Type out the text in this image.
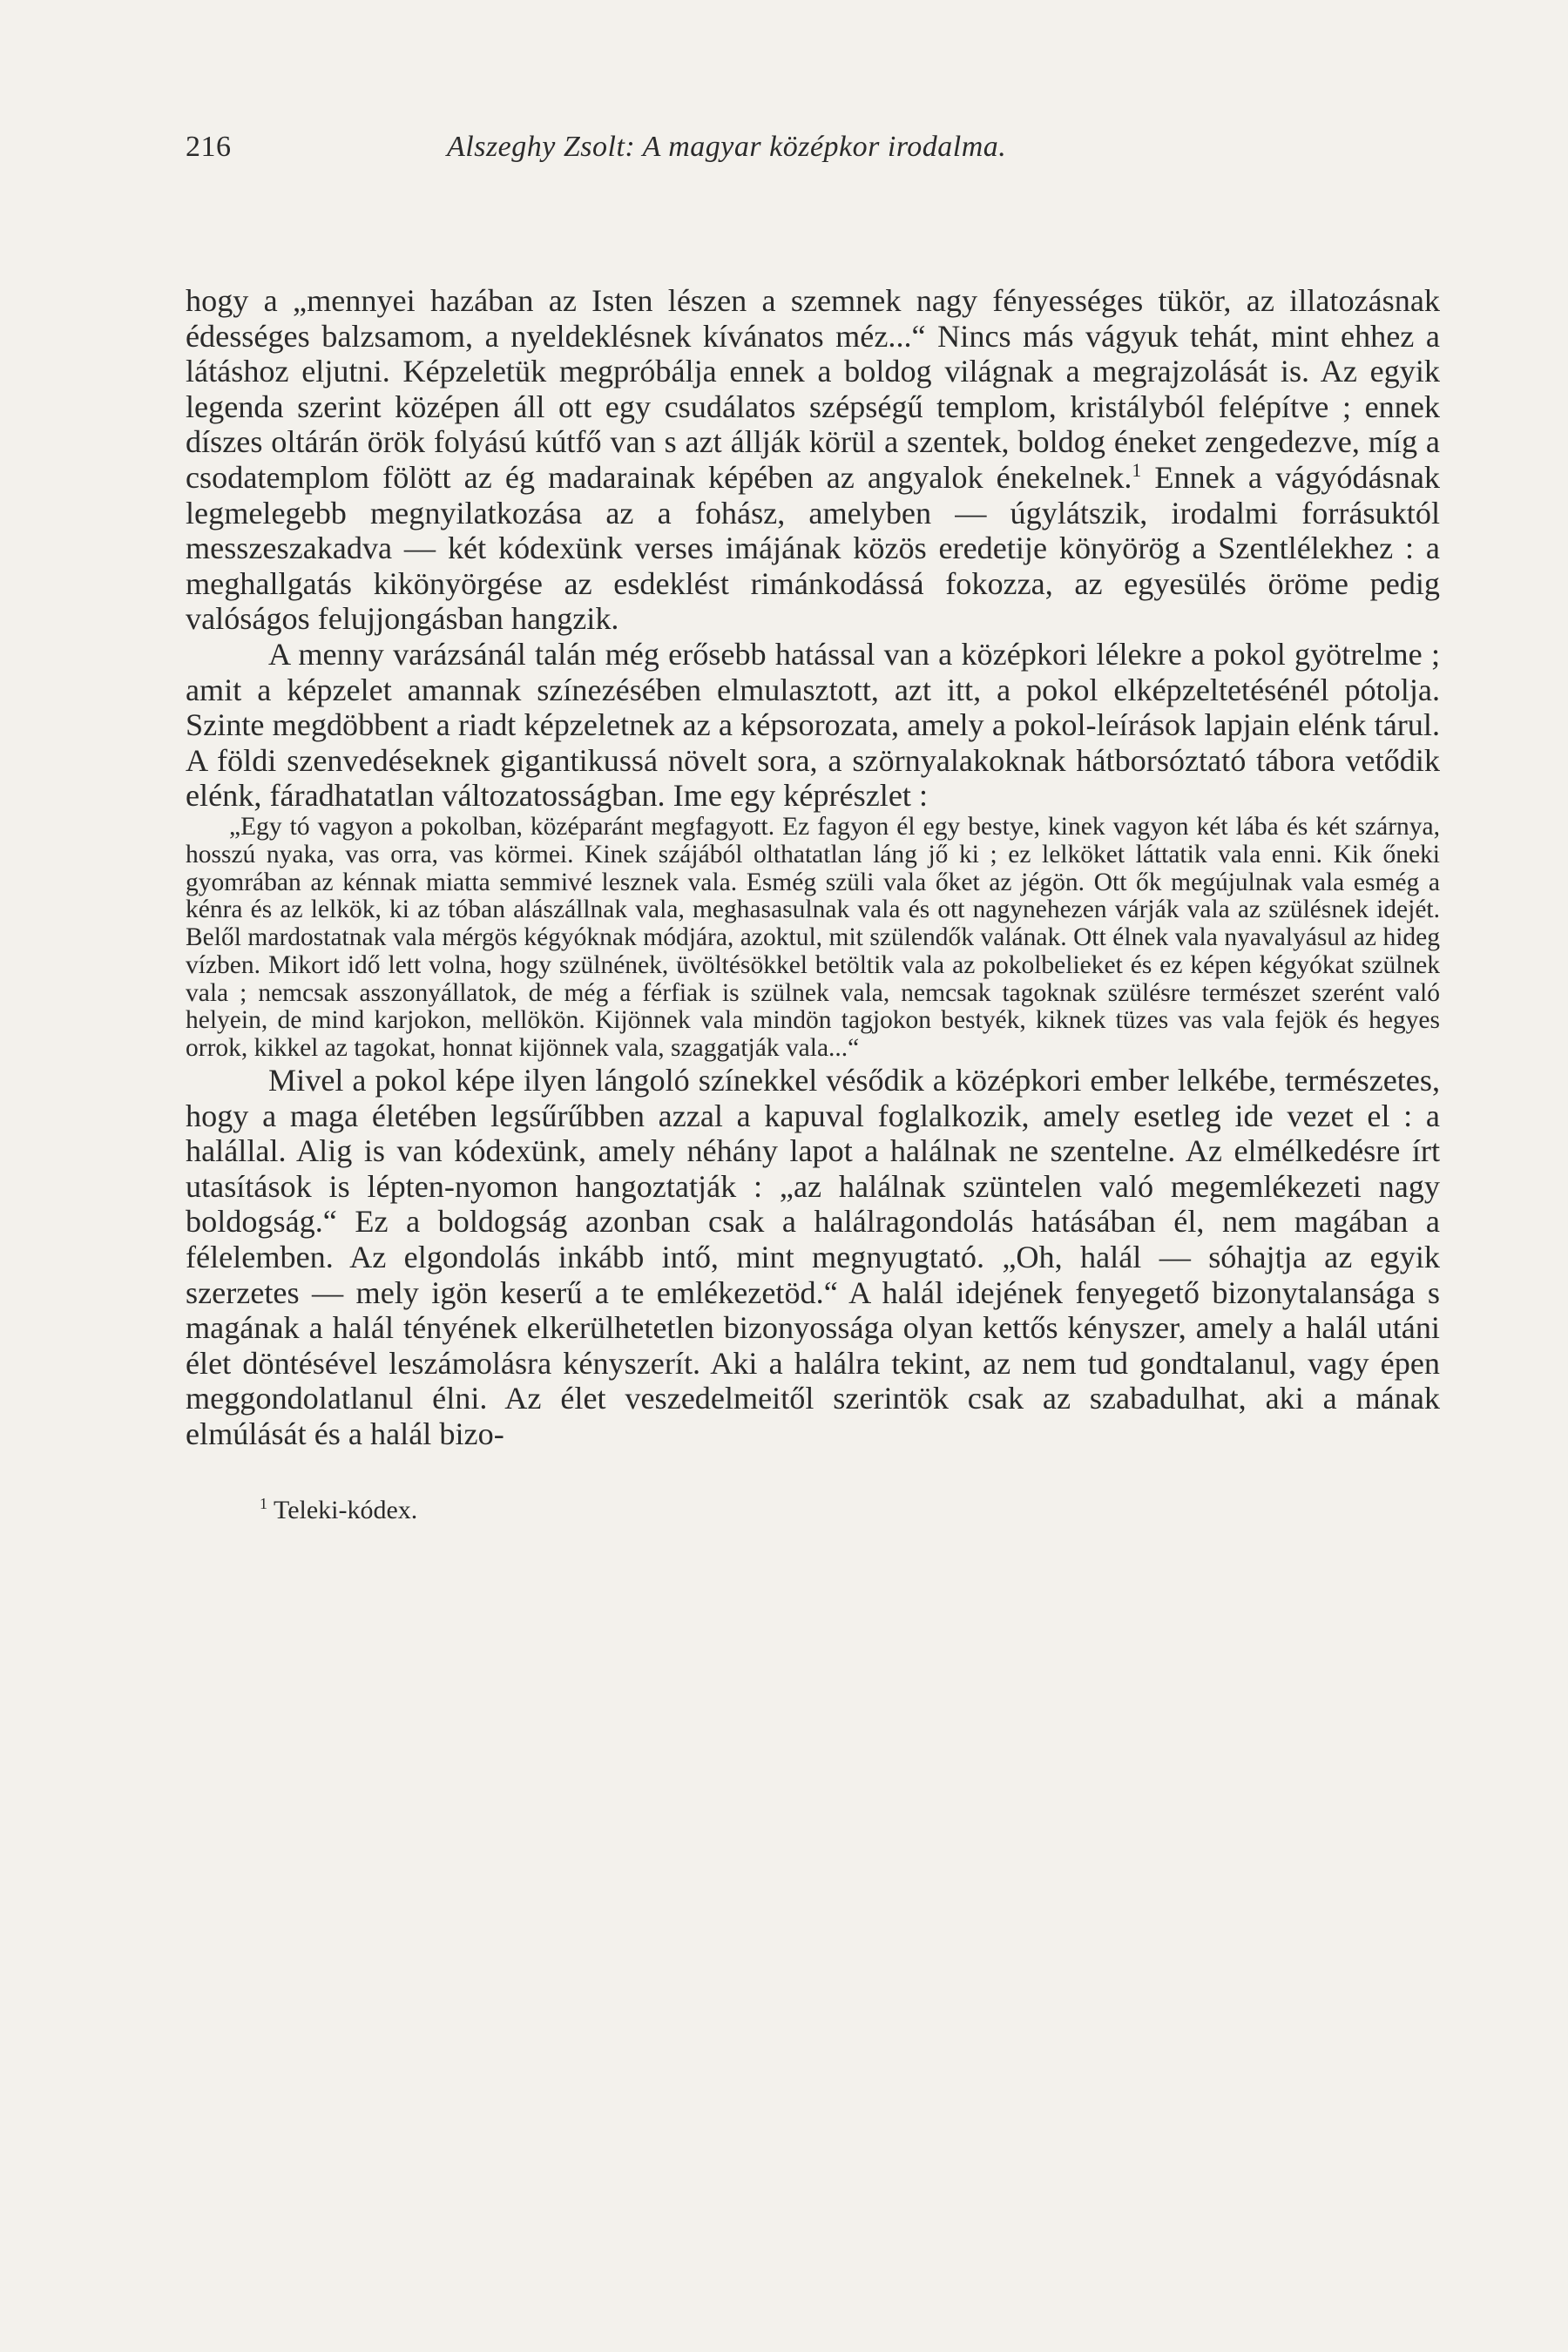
216	Alszeghy Zsolt: A magyar középkor irodalma.

hogy a „mennyei hazában az Isten lészen a szemnek nagy fényességes tükör, az illatozásnak édességes balzsamom, a nyeldeklésnek kívánatos méz...“ Nincs más vágyuk tehát, mint ehhez a látáshoz eljutni. Képzeletük megpróbálja ennek a boldog világnak a megrajzolását is. Az egyik legenda szerint középen áll ott egy csudálatos szépségű templom, kristályból felépítve ; ennek díszes oltárán örök folyású kútfő van s azt állják körül a szentek, boldog éneket zengedezve, míg a csodatemplom fölött az ég madarainak képében az angyalok énekelnek.$^1$ Ennek a vágyódásnak legmelegebb megnyilatkozása az a fohász, amelyben — úgylátszik, irodalmi forrásuktól messzeszakadva — két kódexünk verses imájának közös eredetije könyörög a Szentlélekhez : a meghallgatás kikönyörgése az esdeklést rimánkodássá fokozza, az egyesülés öröme pedig valóságos felujjongásban hangzik.

A menny varázsánál talán még erősebb hatással van a középkori lélekre a pokol gyötrelme ; amit a képzelet amannak színezésében elmulasztott, azt itt, a pokol elképzeltetésénél pótolja. Szinte megdöbbent a riadt képzeletnek az a képsorozata, amely a pokol-leírások lapjain elénk tárul. A földi szenvedéseknek gigantikussá növelt sora, a szörnyalakoknak hátborsóztató tábora vetődik elénk, fáradhatatlan változatosságban. Ime egy képrészlet :

„Egy tó vagyon a pokolban, középaránt megfagyott. Ez fagyon él egy bestye, kinek vagyon két lába és két szárnya, hosszú nyaka, vas orra, vas körmei. Kinek szájából olthatatlan láng jő ki ; ez lelköket láttatik vala enni. Kik őneki gyomrában az kénnak miatta semmivé lesznek vala. Esmég szüli vala őket az jégön. Ott ők megújulnak vala esmég a kénra és az lelkök, ki az tóban alászállnak vala, meghasasulnak vala és ott nagynehezen várják vala az szülésnek idejét. Belől mardostatnak vala mérgös kégyóknak módjára, azoktul, mit szülendők valának. Ott élnek vala nyavalyásul az hideg vízben. Mikort idő lett volna, hogy szülnének, üvöltésökkel betöltik vala az pokolbelieket és ez képen kégyókat szülnek vala ; nemcsak asszonyállatok, de még a férfiak is szülnek vala, nemcsak tagoknak szülésre természet szerént való helyein, de mind karjokon, mellökön. Kijönnek vala mindön tagjokon bestyék, kiknek tüzes vas vala fejök és hegyes orrok, kikkel az tagokat, honnat kijönnek vala, szaggatják vala...“

Mivel a pokol képe ilyen lángoló színekkel vésődik a középkori ember lelkébe, természetes, hogy a maga életében legsűrűbben azzal a kapuval foglalkozik, amely esetleg ide vezet el : a halállal. Alig is van kódexünk, amely néhány lapot a halálnak ne szentelne. Az elmélkedésre írt utasítások is lépten-nyomon hangoztatják : „az halálnak szüntelen való megemlékezeti nagy boldogság.“ Ez a boldogság azonban csak a halálragondolás hatásában él, nem magában a félelemben. Az elgondolás inkább intő, mint megnyugtató. „Oh, halál — sóhajtja az egyik szerzetes — mely igön keserű a te emlékezetöd.“ A halál idejének fenyegető bizonytalansága s magának a halál tényének elkerülhetetlen bizonyossága olyan kettős kényszer, amely a halál utáni élet döntésével leszámolásra kényszerít. Aki a halálra tekint, az nem tud gondtalanul, vagy épen meggondolatlanul élni. Az élet veszedelmeitől szerintök csak az szabadulhat, aki a mának elmúlását és a halál bizo-

$^1$ Teleki-kódex.
